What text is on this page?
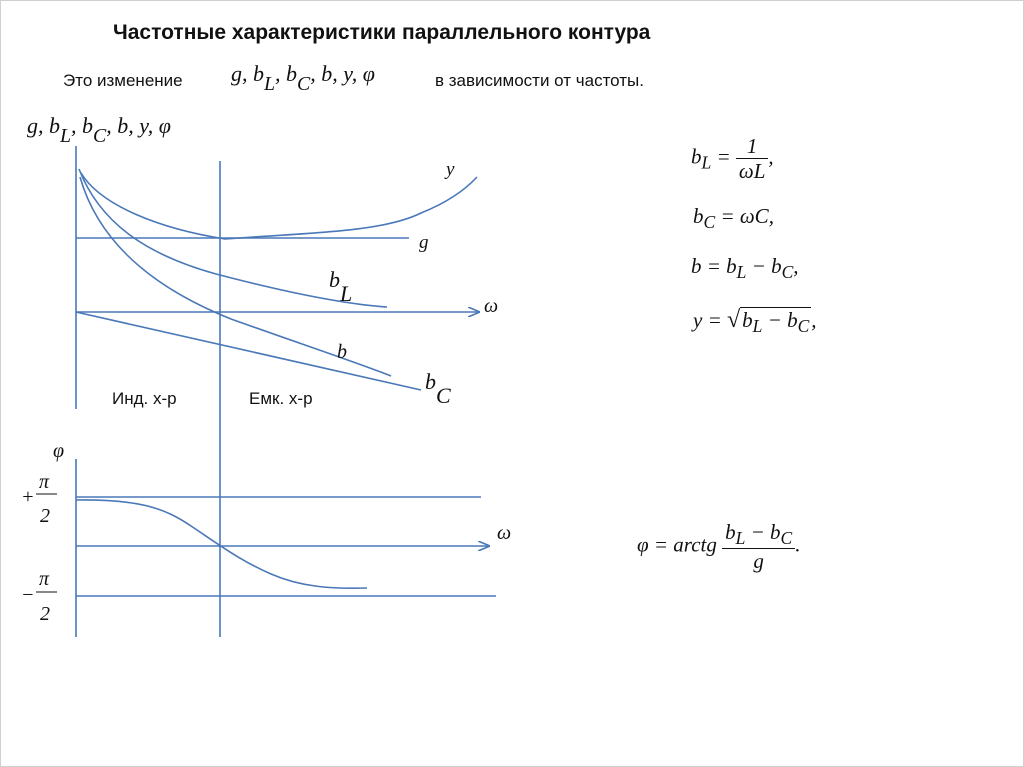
Частотные характеристики параллельного контура
Это изменение g, $b_L$, $b_C$, b, y, φ	в зависимости от частоты.
g, $b_L$, $b_C$, b, y, φ
y
g
bL	ω
b
bC
φ
ω
+
π
2
−
π
2
Инд. х-р	Емк. х-р
$b_L = \frac{1}{\omega L}$ ,
$b_C = \omega C$,
$b = b_L - b_C$,
$y = √b_L - b_C$,
φ = arctg $\frac{b_L - b_C}{g}$ .
